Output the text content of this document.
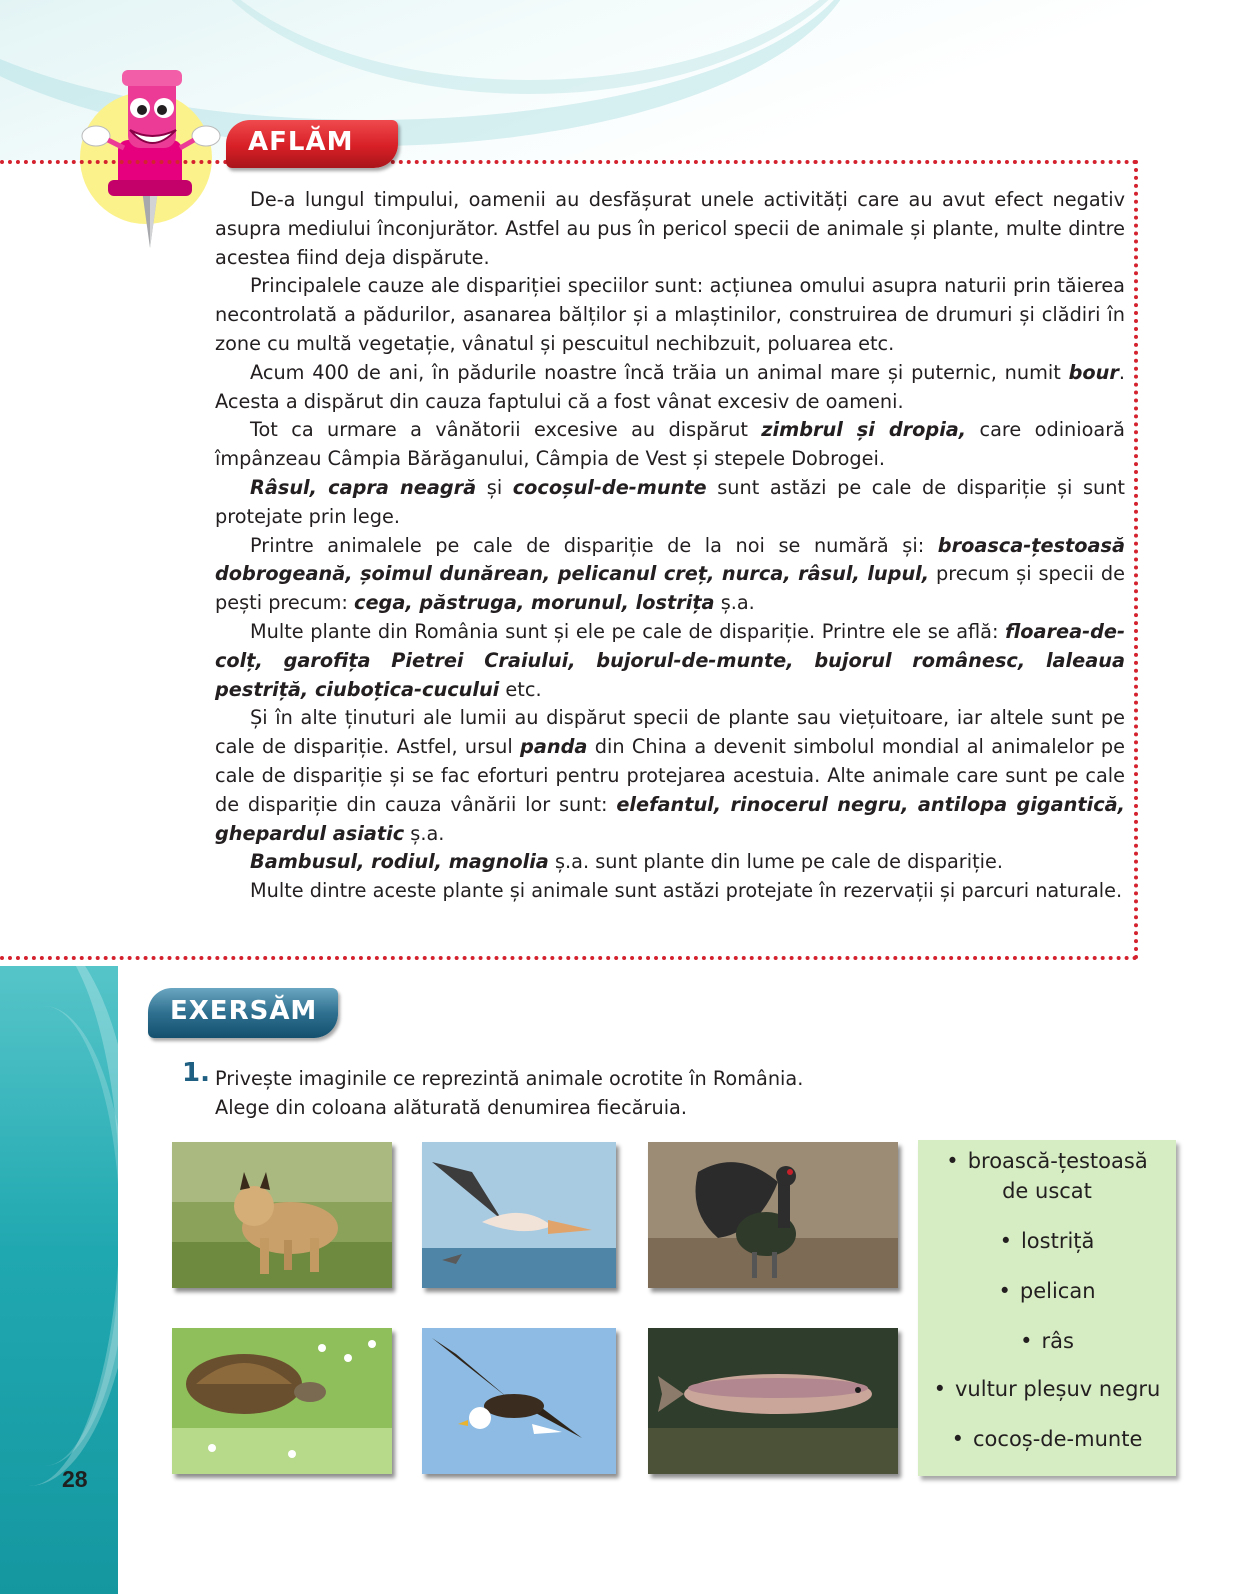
AFLĂM

De-a lungul timpului, oamenii au desfășurat unele activități care au avut efect negativ asupra mediului înconjurător. Astfel au pus în pericol specii de animale și plante, multe dintre acestea fiind deja dispărute.

Principalele cauze ale dispariției speciilor sunt: acțiunea omului asupra naturii prin tăierea necontrolată a pădurilor, asanarea bălților și a mlaștinilor, construirea de drumuri și clădiri în zone cu multă vegetație, vânatul și pescuitul nechibzuit, poluarea etc.

Acum 400 de ani, în pădurile noastre încă trăia un animal mare și puternic, numit bour. Acesta a dispărut din cauza faptului că a fost vânat excesiv de oameni.

Tot ca urmare a vânătorii excesive au dispărut zimbrul și dropia, care odinioară împânzeau Câmpia Bărăganului, Câmpia de Vest și stepele Dobrogei.

Râsul, capra neagră și cocoșul-de-munte sunt astăzi pe cale de dispariție și sunt protejate prin lege.

Printre animalele pe cale de dispariție de la noi se numără și: broasca-țestoasă dobrogeană, șoimul dunărean, pelicanul creț, nurca, râsul, lupul, precum și specii de pești precum: cega, păstruga, morunul, lostrița ș.a.

Multe plante din România sunt și ele pe cale de dispariție. Printre ele se află: floarea-de-colț, garofița Pietrei Craiului, bujorul-de-munte, bujorul românesc, laleaua pestriță, ciuboțica-cucului etc.

Și în alte ținuturi ale lumii au dispărut specii de plante sau viețuitoare, iar altele sunt pe cale de dispariție. Astfel, ursul panda din China a devenit simbolul mondial al animalelor pe cale de dispariție și se fac eforturi pentru protejarea acestuia. Alte animale care sunt pe cale de dispariție din cauza vânării lor sunt: elefantul, rinocerul negru, antilopa gigantică, ghepardul asiatic ș.a.

Bambusul, rodiul, magnolia ș.a. sunt plante din lume pe cale de dispariție.

Multe dintre aceste plante și animale sunt astăzi protejate în rezervații și parcuri naturale.

28
EXERSĂM
1. Privește imaginile ce reprezintă animale ocrotite în România.
Alege din coloana alăturată denumirea fiecăruia.
• broască-țestoasă
de uscat
• lostriță
• pelican
• râs
• vultur pleșuv negru
• cocoș-de-munte
